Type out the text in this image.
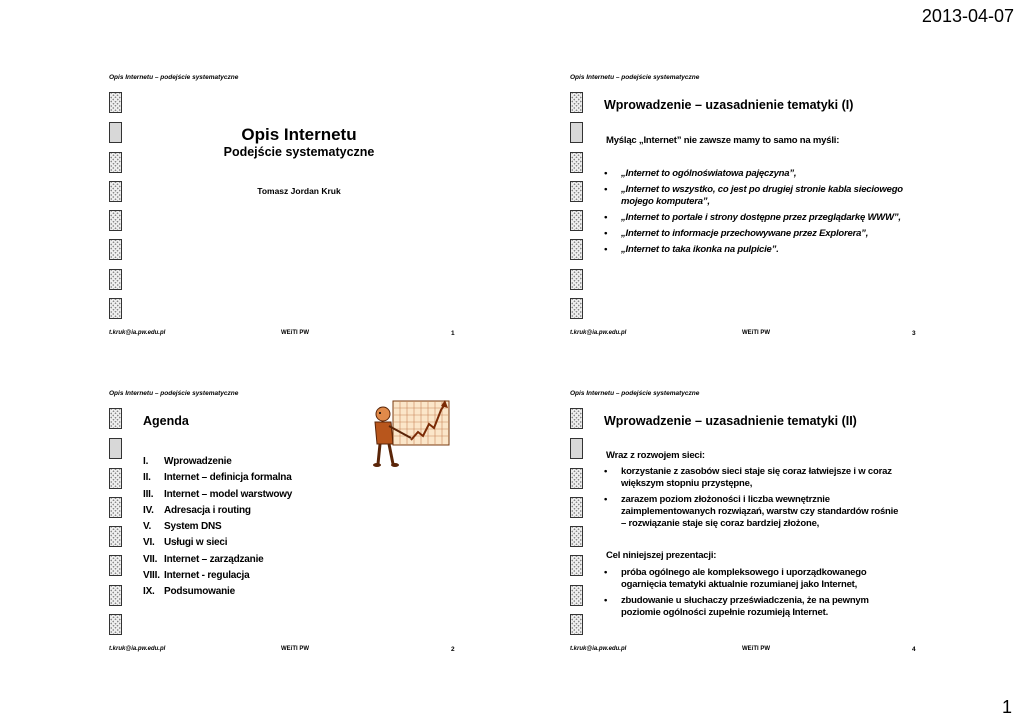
2013-04-07
1
Opis Internetu – podejście systematyczne
Opis Internetu
Podejście systematyczne
Tomasz Jordan Kruk
t.kruk@ia.pw.edu.pl	WEiTI PW	1
Opis Internetu – podejście systematyczne
Agenda
I. Wprowadzenie
II. Internet – definicja formalna
III. Internet – model warstwowy
IV. Adresacja i routing
V. System DNS
VI. Usługi w sieci
VII. Internet – zarządzanie
VIII. Internet - regulacja
IX. Podsumowanie
t.kruk@ia.pw.edu.pl	WEiTI PW	2
Opis Internetu – podejście systematyczne
Wprowadzenie – uzasadnienie tematyki (I)
Myśląc „Internet” nie zawsze mamy to samo na myśli:
• „Internet to ogólnoświatowa pajęczyna”,
• „Internet to wszystko, co jest po drugiej stronie kabla sieciowego mojego komputera”,
• „Internet to portale i strony dostępne przez przeglądarkę WWW”,
• „Internet to informacje przechowywane przez Explorera”,
• „Internet to taka ikonka na pulpicie”.
t.kruk@ia.pw.edu.pl	WEiTI PW	3
Opis Internetu – podejście systematyczne
Wprowadzenie – uzasadnienie tematyki (II)
Wraz z rozwojem sieci:
• korzystanie z zasobów sieci staje się coraz łatwiejsze i w coraz większym stopniu przystępne,
• zarazem poziom złożoności i liczba wewnętrznie zaimplementowanych rozwiązań, warstw czy standardów rośnie – rozwiązanie staje się coraz bardziej złożone,
Cel niniejszej prezentacji:
• próba ogólnego ale kompleksowego i uporządkowanego ogarnięcia tematyki aktualnie rozumianej jako Internet,
• zbudowanie u słuchaczy przeświadczenia, że na pewnym poziomie ogólności zupełnie rozumieją Internet.
t.kruk@ia.pw.edu.pl	WEiTI PW	4
